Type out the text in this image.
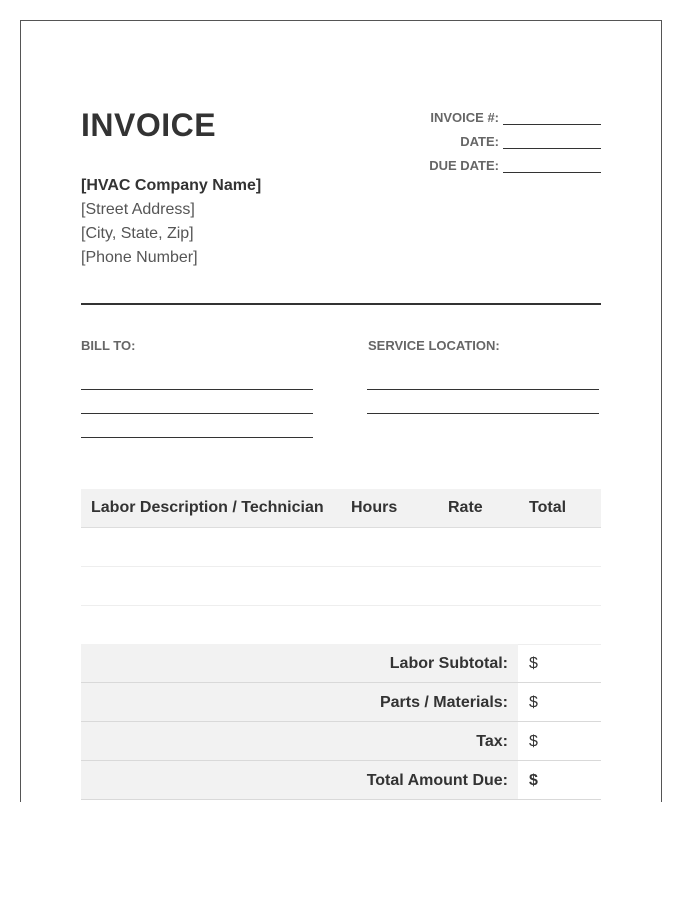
INVOICE	INVOICE #:
DATE:
DUE DATE:
[HVAC Company Name]
[Street Address]
[City, State, Zip]
[Phone Number]
BILL TO:	SERVICE LOCATION:
Labor Description / Technician	Hours	Rate	Total
Labor Subtotal:	$
Parts / Materials:	$
Tax:	$
Total Amount Due:	$
